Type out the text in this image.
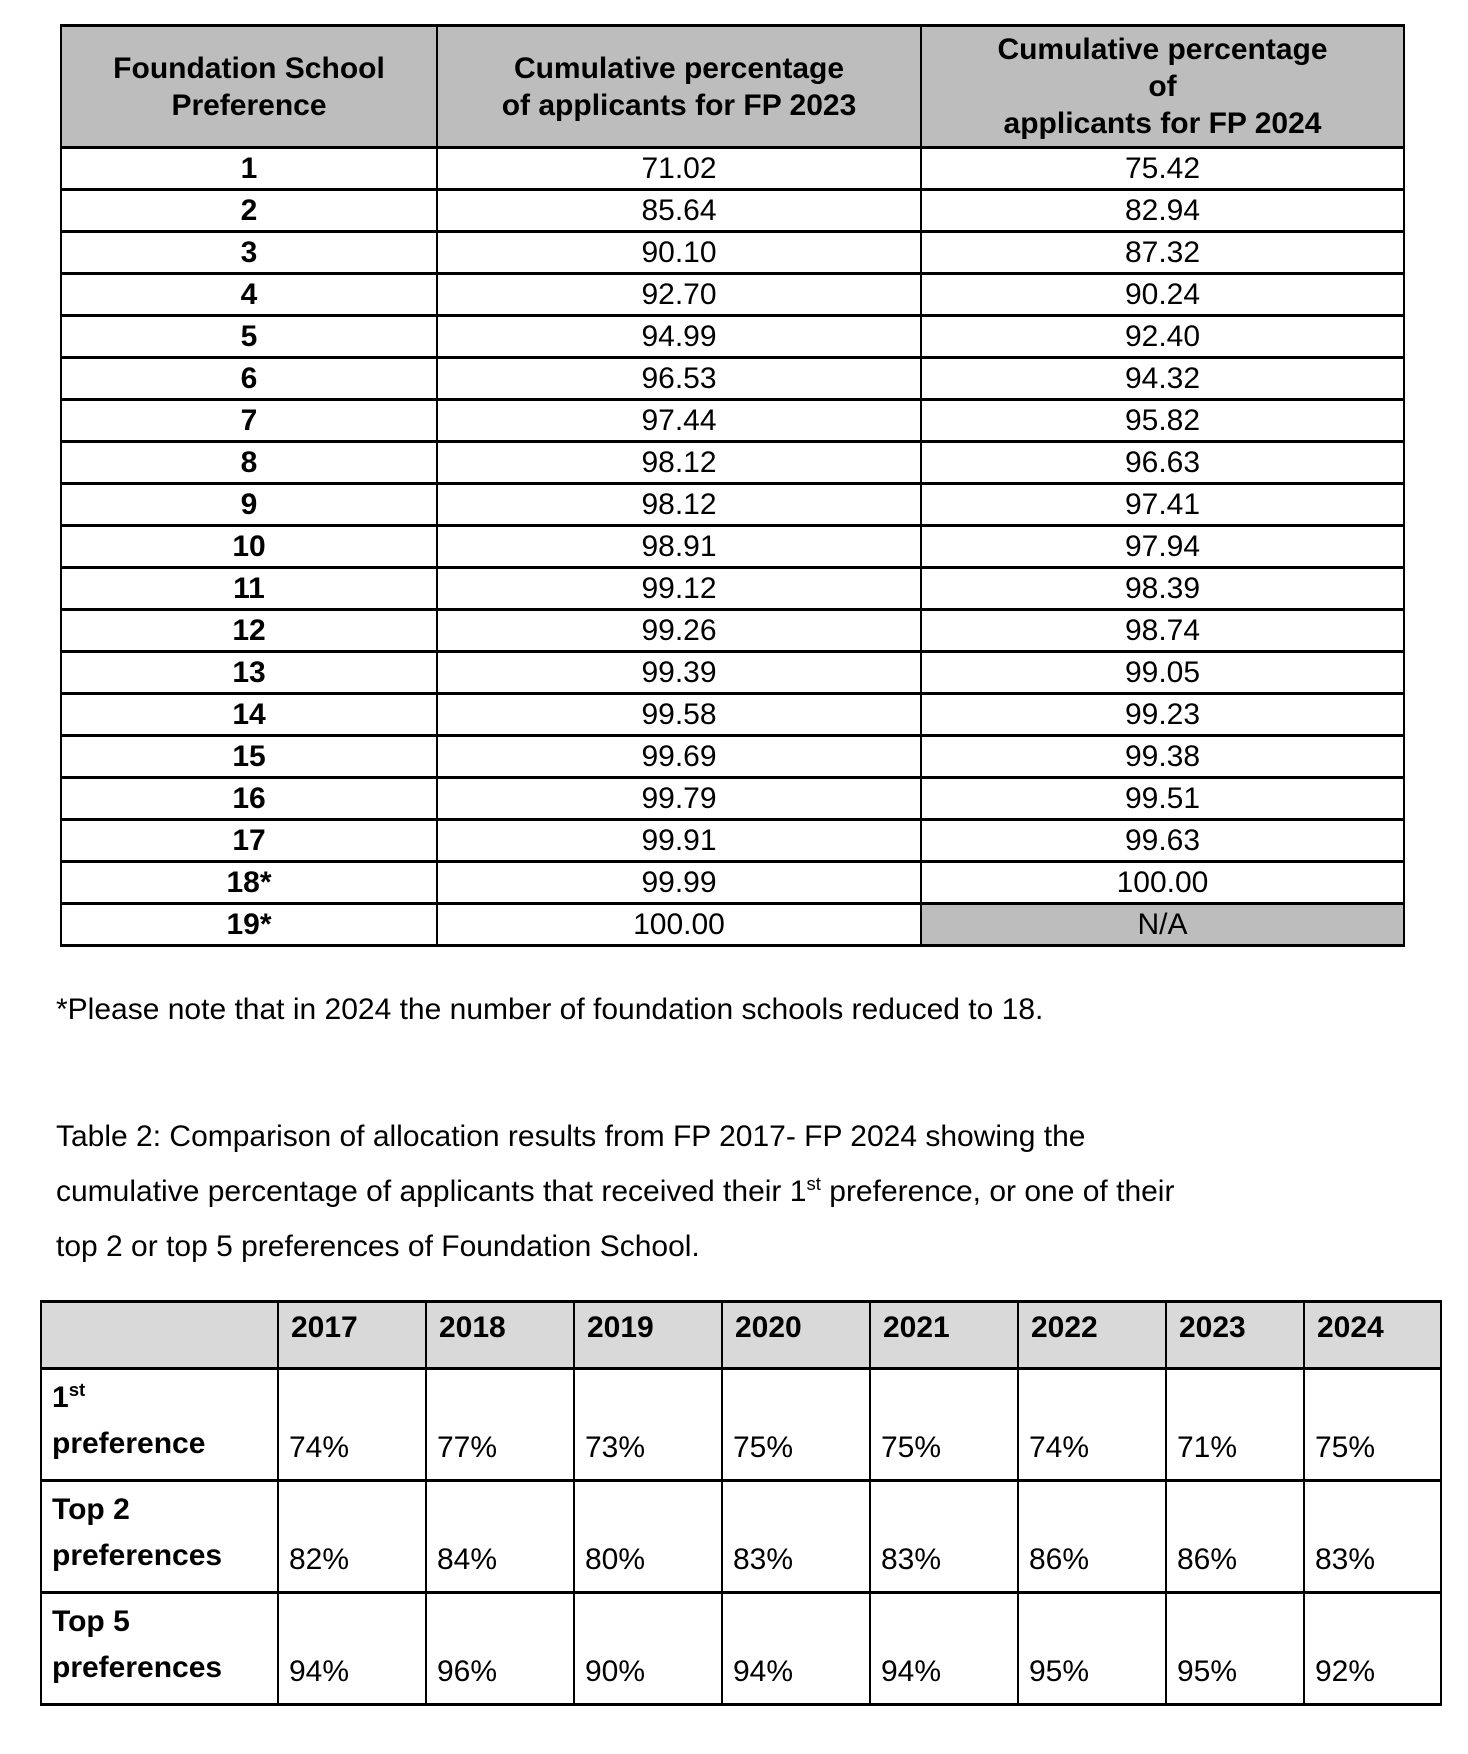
Foundation School
Preference

Cumulative percentage
of applicants for FP 2023

Cumulative percentage
of
applicants for FP 2024

1	71.02	75.42
2	85.64	82.94
3	90.10	87.32
4	92.70	90.24
5	94.99	92.40
6	96.53	94.32
7	97.44	95.82
8	98.12	96.63
9	98.12	97.41
10	98.91	97.94
11	99.12	98.39
12	99.26	98.74
13	99.39	99.05
14	99.58	99.23
15	99.69	99.38
16	99.79	99.51
17	99.91	99.63
18*	99.99	100.00
19*	100.00	N/A
*Please note that in 2024 the number of foundation schools reduced to 18.
Table 2: Comparison of allocation results from FP 2017- FP 2024 showing the
cumulative percentage of applicants that received their 1st preference, or one of their
top 2 or top 5 preferences of Foundation School.
	2017	2018	2019	2020	2021	2022	2023	2024

1st
preference	74%	77%	73%	75%	75%	74%	71%	75%

Top 2
preferences	82%	84%	80%	83%	83%	86%	86%	83%

Top 5
preferences	94%	96%	90%	94%	94%	95%	95%	92%
